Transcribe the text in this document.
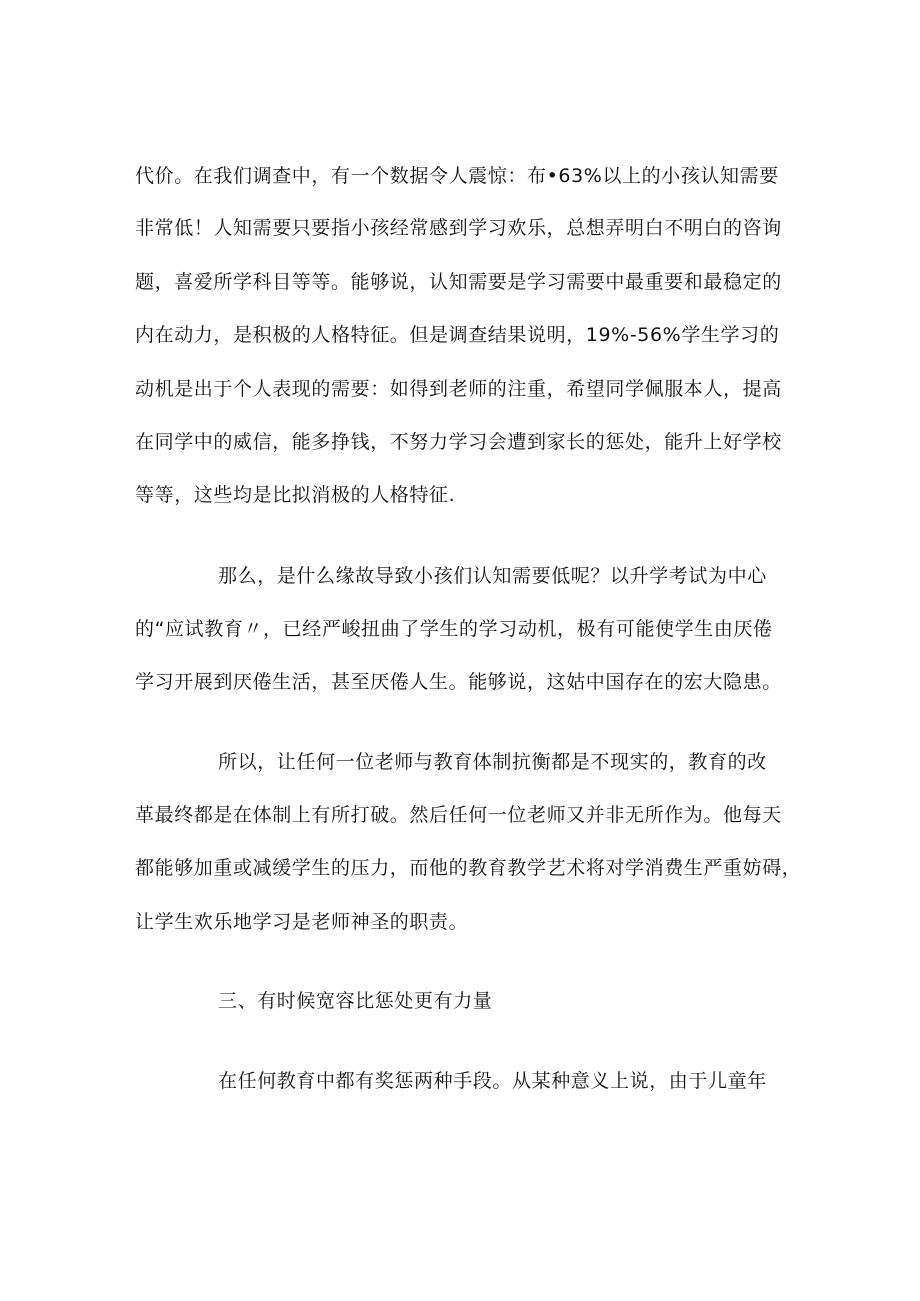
代价。在我们调查中，有一个数据令人震惊：布•63%以上的小孩认知需要
非常低！人知需要只要指小孩经常感到学习欢乐，总想弄明白不明白的咨询
题，喜爱所学科目等等。能够说，认知需要是学习需要中最重要和最稳定的
内在动力，是积极的人格特征。但是调查结果说明，19%-56%学生学习的
动机是出于个人表现的需要：如得到老师的注重，希望同学佩服本人，提高
在同学中的威信，能多挣钱，不努力学习会遭到家长的惩处，能升上好学校
等等，这些均是比拟消极的人格特征.
那么，是什么缘故导致小孩们认知需要低呢？以升学考试为中心
的“应试教育〃，已经严峻扭曲了学生的学习动机，极有可能使学生由厌倦
学习开展到厌倦生活，甚至厌倦人生。能够说，这姑中国存在的宏大隐患。
所以，让任何一位老师与教育体制抗衡都是不现实的，教育的改
革最终都是在体制上有所打破。然后任何一位老师又并非无所作为。他每天
都能够加重或减缓学生的压力，而他的教育教学艺术将对学消费生严重妨碍，
让学生欢乐地学习是老师神圣的职责。
三、有时候宽容比惩处更有力量
在任何教育中都有奖惩两种手段。从某种意义上说，由于儿童年
